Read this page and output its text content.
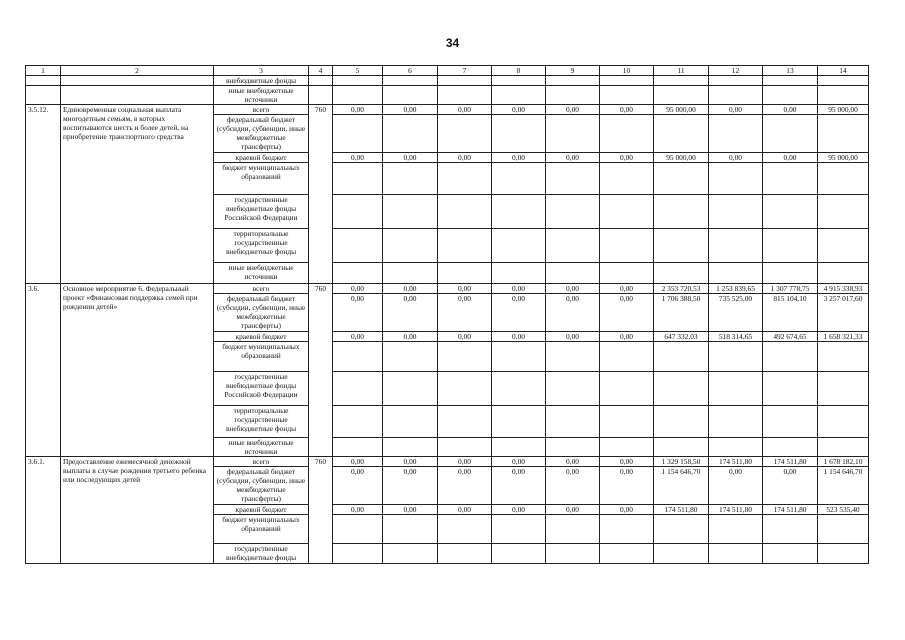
34
1	2	3	4	5	6	7	8	9	10	11	12	13	14
		внебюджетные фонды											
		иные внебюджетные источники											
3.5.12.	Единовременная социальная выплата многодетным семьям, в которых воспитываются шесть и более детей, на приобретение транспортного средства	всего	760	0,00	0,00	0,00	0,00	0,00	0,00	95 000,00	0,00	0,00	95 000,00
		федеральный бюджет (субсидии, субвенции, иные межбюджетные трансферты)											
		краевой бюджет		0,00	0,00	0,00	0,00	0,00	0,00	95 000,00	0,00	0,00	95 000,00
		бюджет муниципальных образований											
		государственные внебюджетные фонды Российской Федерации											
		территориальные государственные внебюджетные фонды											
		иные внебюджетные источники											
3.6.	Основное мероприятие 6. Федеральный проект «Финансовая поддержка семей при рождении детей»	всего	760	0,00	0,00	0,00	0,00	0,00	0,00	2 353 720,53	1 253 839,65	1 307 778,75	4 915 338,93
		федеральный бюджет (субсидии, субвенции, иные межбюджетные трансферты)		0,00	0,00	0,00	0,00	0,00	0,00	1 706 388,50	735 525,00	815 104,10	3 257 017,60
		краевой бюджет		0,00	0,00	0,00	0,00	0,00	0,00	647 332,03	518 314,65	492 674,65	1 658 321,33
		бюджет муниципальных образований											
		государственные внебюджетные фонды Российской Федерации											
		территориальные государственные внебюджетные фонды											
		иные внебюджетные источники											
3.6.1.	Предоставление ежемесячной денежной выплаты в случае рождения третьего ребенка или последующих детей	всего	760	0,00	0,00	0,00	0,00	0,00	0,00	1 329 158,50	174 511,80	174 511,80	1 678 182,10
		федеральный бюджет (субсидии, субвенции, иные межбюджетные трансферты)		0,00	0,00	0,00	0,00	0,00	0,00	1 154 646,70	0,00	0,00	1 154 646,70
		краевой бюджет		0,00	0,00	0,00	0,00	0,00	0,00	174 511,80	174 511,80	174 511,80	523 535,40
		бюджет муниципальных образований											
		государственные внебюджетные фонды											
